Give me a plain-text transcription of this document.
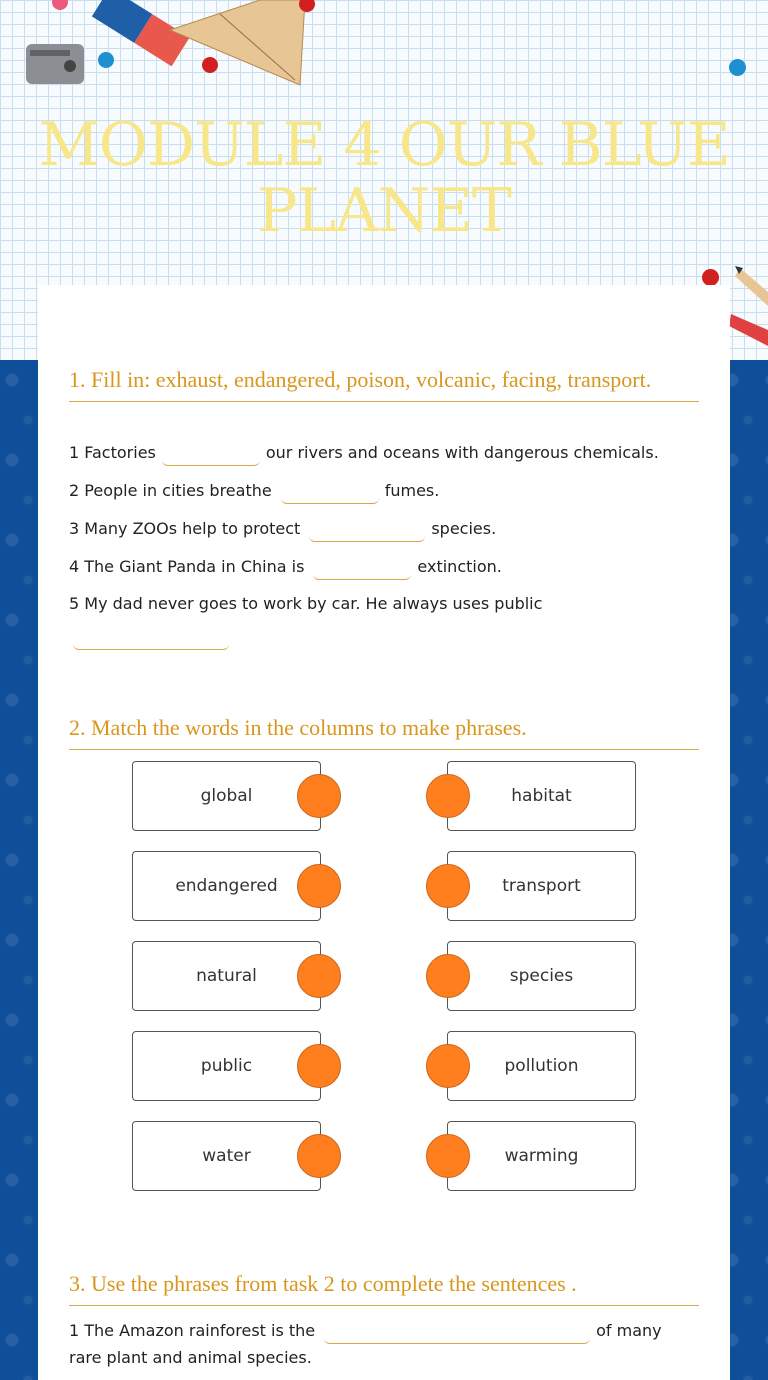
MODULE 4 OUR BLUE PLANET
1. Fill in: exhaust, endangered, poison, volcanic, facing, transport.
1 Factories	our rivers and oceans with dangerous chemicals.
2 People in cities breathe	fumes.
3 Many ZOOs help to protect	species.
4 The Giant Panda in China is	extinction.
5 My dad never goes to work by car. He always uses public
2. Match the words in the columns to make phrases.
global
endangered
natural
public
water
habitat
transport
species
pollution
warming
3. Use the phrases from task 2 to complete the sentences .
1 The Amazon rainforest is the	of many
rare plant and animal species.
